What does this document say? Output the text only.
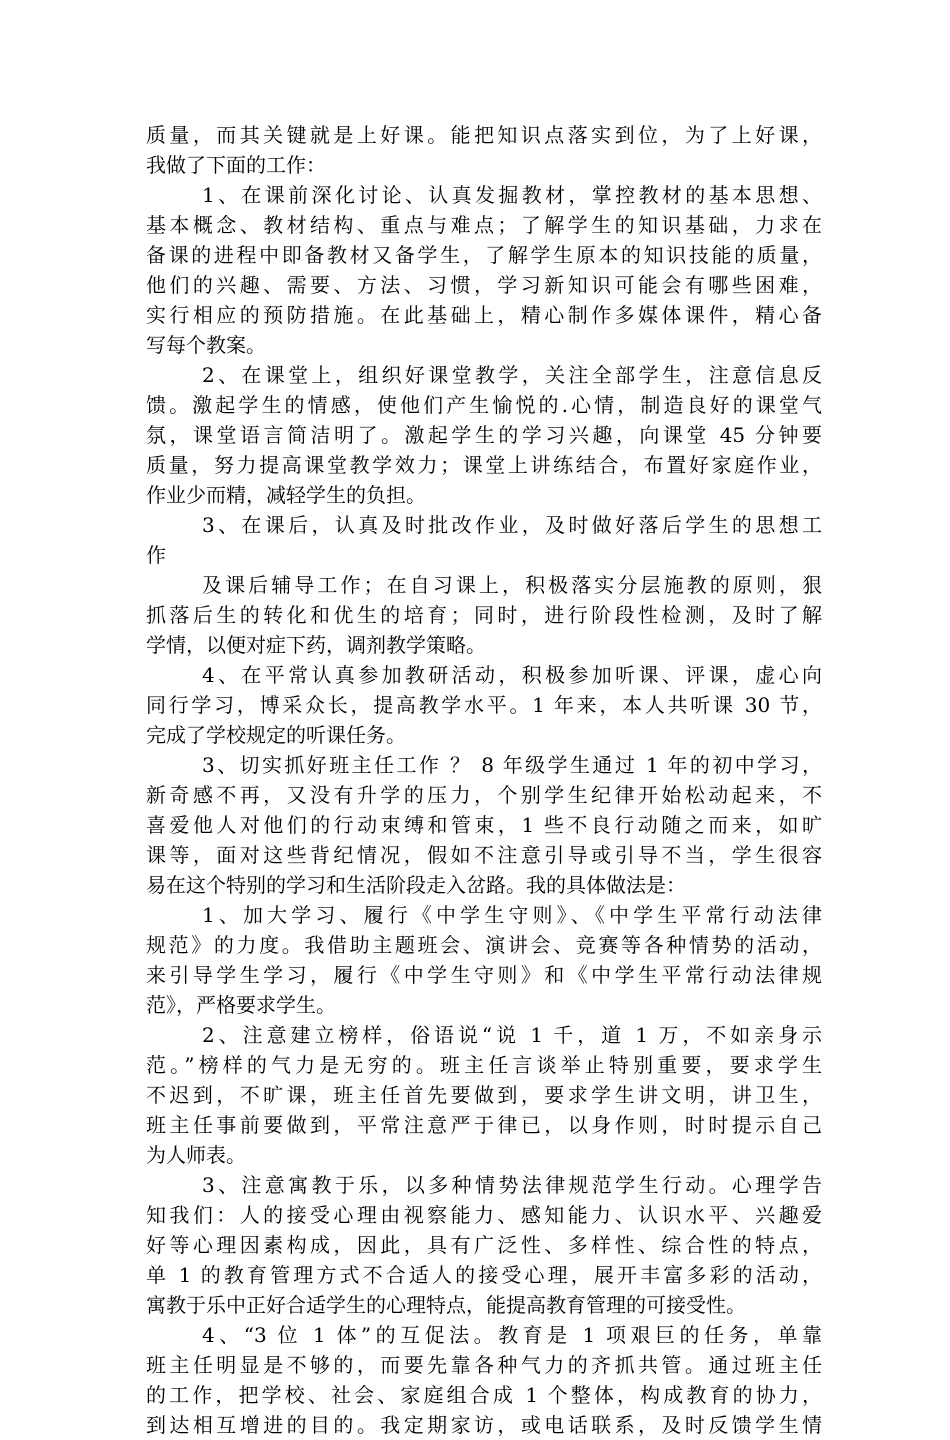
质量，而其关键就是上好课。能把知识点落实到位，为了上好课，
我做了下面的工作：
1、在课前深化讨论、认真发掘教材，掌控教材的基本思想、
基本概念、教材结构、重点与难点；了解学生的知识基础，力求在
备课的进程中即备教材又备学生，了解学生原本的知识技能的质量，
他们的兴趣、需要、方法、习惯，学习新知识可能会有哪些困难，
实行相应的预防措施。在此基础上，精心制作多媒体课件，精心备
写每个教案。
2、在课堂上，组织好课堂教学，关注全部学生，注意信息反
馈。激起学生的情感，使他们产生愉悦的.心情，制造良好的课堂气
氛，课堂语言简洁明了。激起学生的学习兴趣，向课堂 45 分钟要
质量，努力提高课堂教学效力；课堂上讲练结合，布置好家庭作业，
作业少而精，减轻学生的负担。
3、在课后，认真及时批改作业，及时做好落后学生的思想工
作
及课后辅导工作；在自习课上，积极落实分层施教的原则，狠
抓落后生的转化和优生的培育；同时，进行阶段性检测，及时了解
学情，以便对症下药，调剂教学策略。
4、在平常认真参加教研活动，积极参加听课、评课，虚心向
同行学习，博采众长，提高教学水平。1 年来，本人共听课 30 节，
完成了学校规定的听课任务。
3、切实抓好班主任工作 ？ 8 年级学生通过 1 年的初中学习，
新奇感不再，又没有升学的压力，个别学生纪律开始松动起来，不
喜爱他人对他们的行动束缚和管束，1 些不良行动随之而来，如旷
课等，面对这些背纪情况，假如不注意引导或引导不当，学生很容
易在这个特别的学习和生活阶段走入岔路。我的具体做法是：
1、加大学习、履行《中学生守则》、《中学生平常行动法律
规范》的力度。我借助主题班会、演讲会、竞赛等各种情势的活动，
来引导学生学习，履行《中学生守则》和《中学生平常行动法律规
范》，严格要求学生。
2、注意建立榜样，俗语说“说 1 千，道 1 万，不如亲身示
范。”榜样的气力是无穷的。班主任言谈举止特别重要，要求学生
不迟到，不旷课，班主任首先要做到，要求学生讲文明，讲卫生，
班主任事前要做到，平常注意严于律已，以身作则，时时提示自己
为人师表。
3、注意寓教于乐，以多种情势法律规范学生行动。心理学告
知我们：人的接受心理由视察能力、感知能力、认识水平、兴趣爱
好等心理因素构成，因此，具有广泛性、多样性、综合性的特点，
单 1 的教育管理方式不合适人的接受心理，展开丰富多彩的活动，
寓教于乐中正好合适学生的心理特点，能提高教育管理的可接受性。
4、“3 位 1 体”的互促法。教育是 1 项艰巨的任务，单靠
班主任明显是不够的，而要先靠各种气力的齐抓共管。通过班主任
的工作，把学校、社会、家庭组合成 1 个整体，构成教育的协力，
到达相互增进的目的。我定期家访，或电话联系，及时反馈学生情
